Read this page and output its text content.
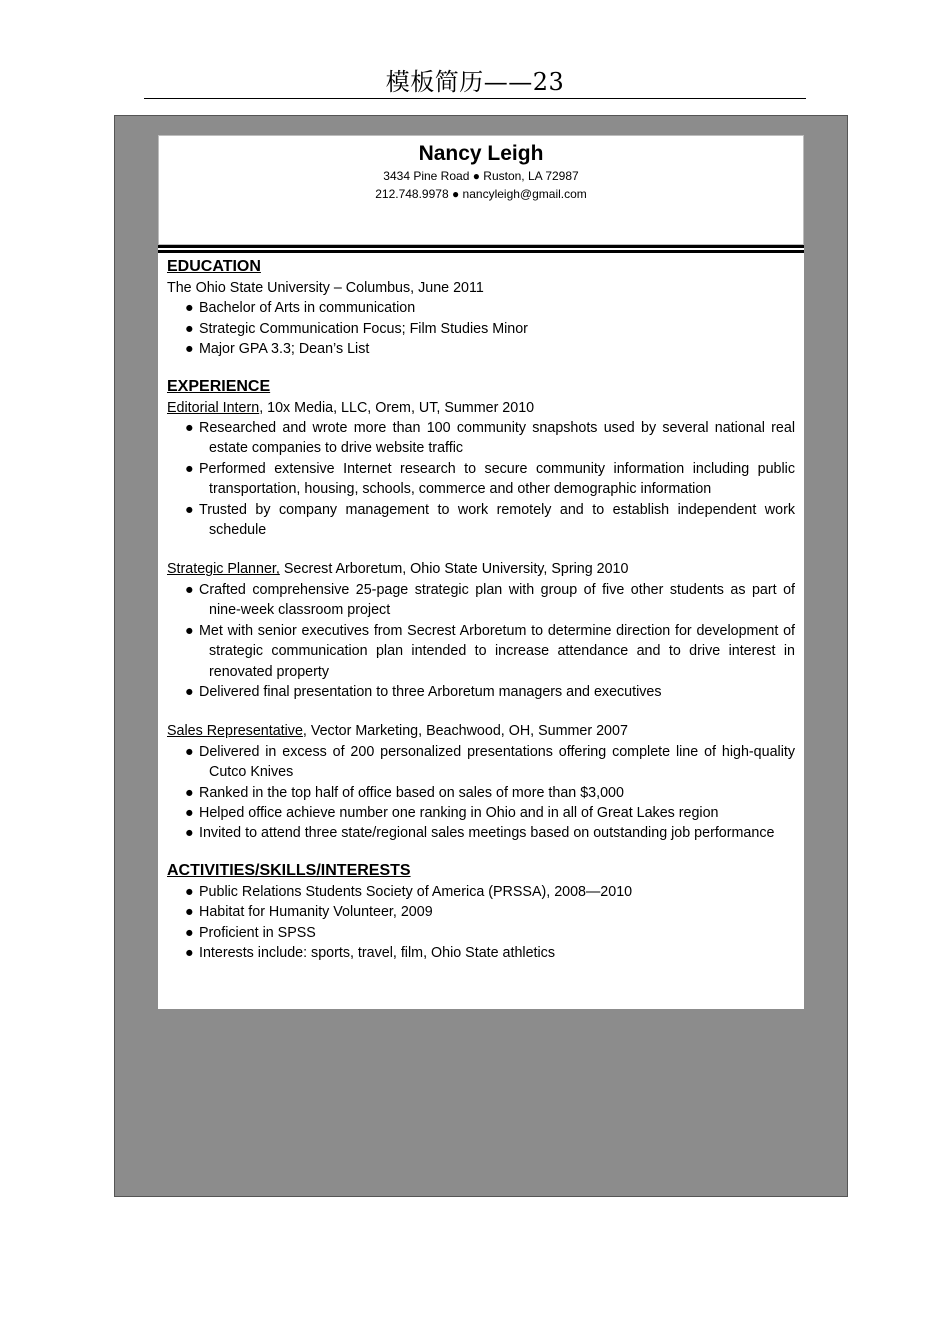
模板简历——23
Nancy Leigh
3434 Pine Road ● Ruston, LA 72987
212.748.9978 ● nancyleigh@gmail.com
EDUCATION
The Ohio State University – Columbus, June 2011
● Bachelor of Arts in communication
● Strategic Communication Focus; Film Studies Minor
● Major GPA 3.3; Dean’s List
EXPERIENCE
Editorial Intern, 10x Media, LLC, Orem, UT, Summer 2010
● Researched and wrote more than 100 community snapshots used by several national real estate companies to drive website traffic
● Performed extensive Internet research to secure community information including public transportation, housing, schools, commerce and other demographic information
● Trusted by company management to work remotely and to establish independent work schedule
Strategic Planner, Secrest Arboretum, Ohio State University, Spring 2010
● Crafted comprehensive 25-page strategic plan with group of five other students as part of nine-week classroom project
● Met with senior executives from Secrest Arboretum to determine direction for development of strategic communication plan intended to increase attendance and to drive interest in renovated property
● Delivered final presentation to three Arboretum managers and executives
Sales Representative, Vector Marketing, Beachwood, OH, Summer 2007
● Delivered in excess of 200 personalized presentations offering complete line of high-quality Cutco Knives
● Ranked in the top half of office based on sales of more than $3,000
● Helped office achieve number one ranking in Ohio and in all of Great Lakes region
● Invited to attend three state/regional sales meetings based on outstanding job performance
ACTIVITIES/SKILLS/INTERESTS
● Public Relations Students Society of America (PRSSA), 2008—2010
● Habitat for Humanity Volunteer, 2009
● Proficient in SPSS
● Interests include: sports, travel, film, Ohio State athletics
